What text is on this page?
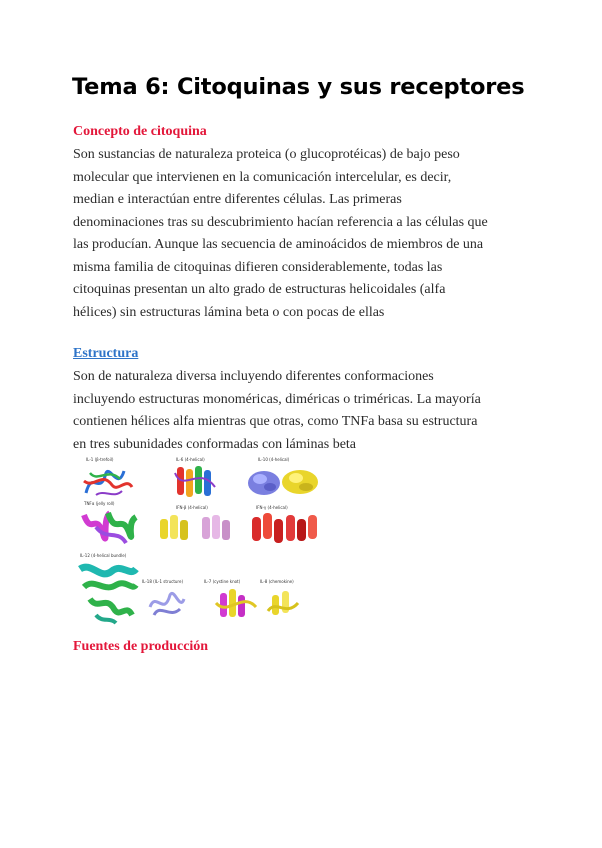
Tema 6: Citoquinas y sus receptores
Concepto de citoquina

Son sustancias de naturaleza proteica (o glucoprotéicas) de bajo peso
molecular que intervienen en la comunicación intercelular, es decir,
median e interactúan entre diferentes células. Las primeras
denominaciones tras su descubrimiento hacían referencia a las células que
las producían. Aunque las secuencia de aminoácidos de miembros de una
misma familia de citoquinas difieren considerablemente, todas las
citoquinas presentan un alto grado de estructuras helicoidales (alfa
hélices) sin estructuras lámina beta o con pocas de ellas

Estructura

Son de naturaleza diversa incluyendo diferentes conformaciones
incluyendo estructuras monoméricas, diméricas o triméricas. La mayoría
contienen hélices alfa mientras que otras, como TNFa basa su estructura
en tres subunidades conformadas con láminas beta

IL-1 (β-trefoil)	IL-6 (4-helical)	IL-10 (4-helical)
TNFα (jelly roll)
IFN-β (4-helical)	IFN-γ (4-helical)
IL-12 (4-helical bundle)
IL-18 (IL-1 structure)	IL-7 (cystine knot)	IL-8 (chemokine)
Fuentes de producción
